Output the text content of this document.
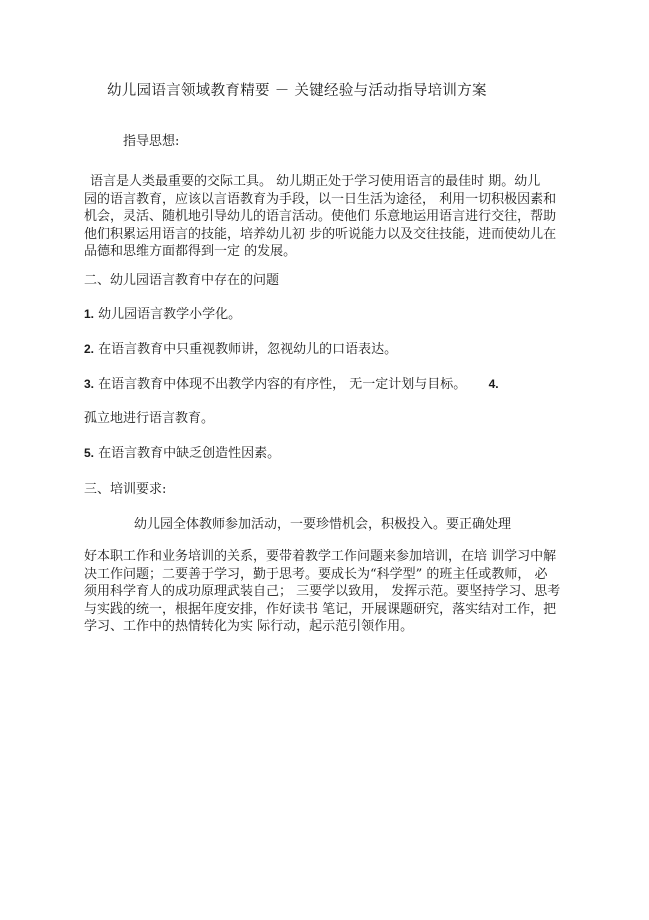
幼儿园语言领域教育精要 － 关键经验与活动指导培训方案
指导思想:
语言是人类最重要的交际工具。 幼儿期正处于学习使用语言的最佳时 期。幼儿
园的语言教育，应该以言语教育为手段，以一日生活为途径， 利用一切积极因素和
机会，灵活、随机地引导幼儿的语言活动。使他们 乐意地运用语言进行交往，帮助
他们积累运用语言的技能，培养幼儿初 步的听说能力以及交往技能，进而使幼儿在
品德和思维方面都得到一定 的发展。
二、幼儿园语言教育中存在的问题
1. 幼儿园语言教学小学化。
2. 在语言教育中只重视教师讲，忽视幼儿的口语表达。
3. 在语言教育中体现不出教学内容的有序性， 无一定计划与目标。 4.
孤立地进行语言教育。
5. 在语言教育中缺乏创造性因素。
三、培训要求:
幼儿园全体教师参加活动，一要珍惜机会，积极投入。要正确处理
好本职工作和业务培训的关系，要带着教学工作问题来参加培训，在培 训学习中解
决工作问题；二要善于学习，勤于思考。要成长为“科学型” 的班主任或教师， 必
须用科学育人的成功原理武装自己； 三要学以致用， 发挥示范。要坚持学习、思考
与实践的统一，根据年度安排，作好读书 笔记，开展课题研究，落实结对工作，把
学习、工作中的热情转化为实 际行动，起示范引领作用。
